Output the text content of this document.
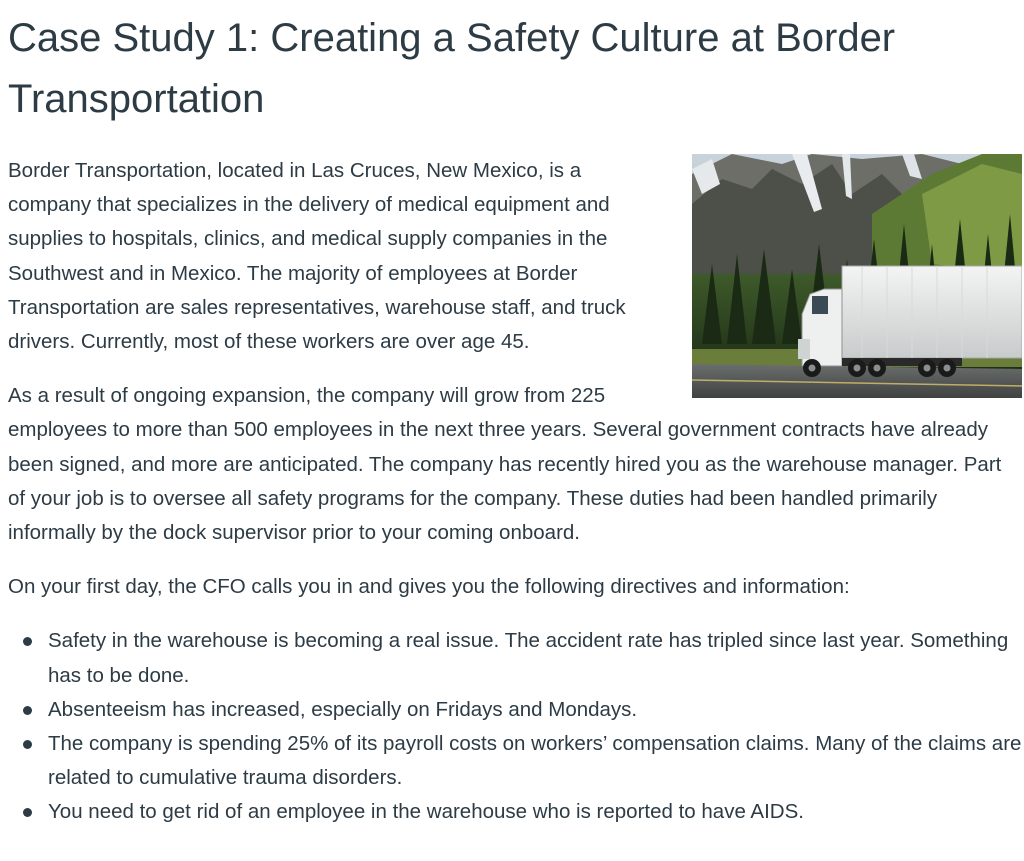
Case Study 1: Creating a Safety Culture at Border Transportation

Border Transportation, located in Las Cruces, New Mexico, is a company that specializes in the delivery of medical equipment and supplies to hospitals, clinics, and medical supply companies in the Southwest and in Mexico. The majority of employees at Border Transportation are sales representatives, warehouse staff, and truck drivers. Currently, most of these workers are over age 45.

As a result of ongoing expansion, the company will grow from 225 employees to more than 500 employees in the next three years. Several government contracts have already been signed, and more are anticipated. The company has recently hired you as the warehouse manager. Part of your job is to oversee all safety programs for the company. These duties had been handled primarily informally by the dock supervisor prior to your coming onboard.

On your first day, the CFO calls you in and gives you the following directives and information:

Safety in the warehouse is becoming a real issue. The accident rate has tripled since last year. Something has to be done.
Absenteeism has increased, especially on Fridays and Mondays.
The company is spending 25% of its payroll costs on workers’ compensation claims. Many of the claims are related to cumulative trauma disorders.
You need to get rid of an employee in the warehouse who is reported to have AIDS.
